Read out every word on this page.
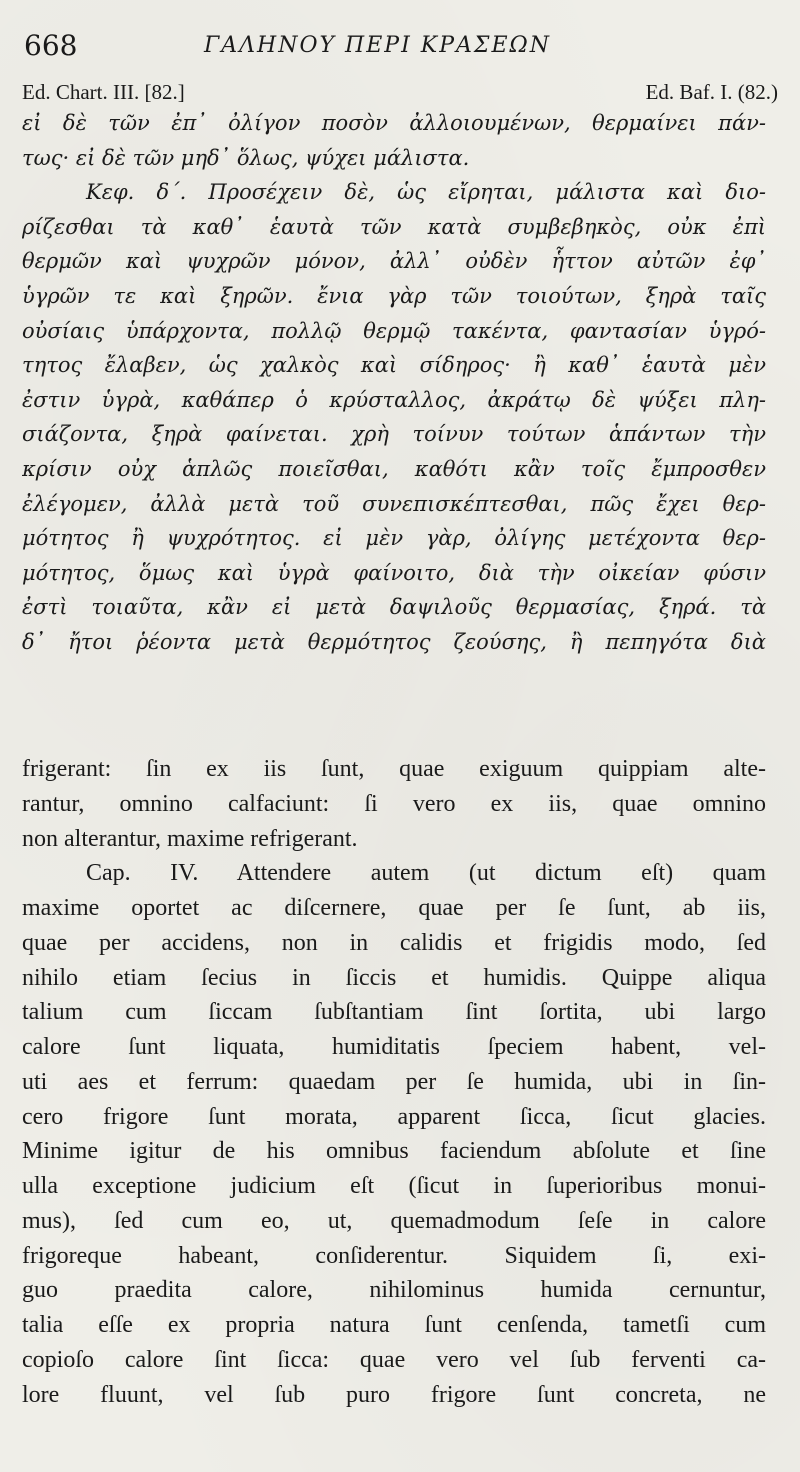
668	ΓΑΛΗΝΟΥ ΠΕΡΙ ΚΡΑΣΕΩΝ
Ed. Chart. III. [82.]	Ed. Baf. I. (82.)
εἰ δὲ τῶν ἐπ᾽ ὀλίγον ποσὸν ἀλλοιουμένων, θερμαίνει πάν-
τως· εἰ δὲ τῶν μηδ᾽ ὅλως, ψύχει μάλιστα.
Κεφ. δ΄. Προσέχειν δὲ, ὡς εἴρηται, μάλιστα καὶ διο-
ρίζεσθαι τὰ καθ᾽ ἑαυτὰ τῶν κατὰ συμβεβηκὸς, οὐκ ἐπὶ
θερμῶν καὶ ψυχρῶν μόνον, ἀλλ᾽ οὐδὲν ἧττον αὐτῶν ἐφ᾽
ὑγρῶν τε καὶ ξηρῶν. ἔνια γὰρ τῶν τοιούτων, ξηρὰ ταῖς
οὐσίαις ὑπάρχοντα, πολλῷ θερμῷ τακέντα, φαντασίαν ὑγρό-
τητος ἔλαβεν, ὡς χαλκὸς καὶ σίδηρος· ἢ καθ᾽ ἑαυτὰ μὲν
ἐστιν ὑγρὰ, καθάπερ ὁ κρύσταλλος, ἀκράτῳ δὲ ψύξει πλη-
σιάζοντα, ξηρὰ φαίνεται. χρὴ τοίνυν τούτων ἁπάντων τὴν
κρίσιν οὐχ ἁπλῶς ποιεῖσθαι, καθότι κἂν τοῖς ἔμπροσθεν
ἐλέγομεν, ἀλλὰ μετὰ τοῦ συνεπισκέπτεσθαι, πῶς ἔχει θερ-
μότητος ἢ ψυχρότητος. εἰ μὲν γὰρ, ὀλίγης μετέχοντα θερ-
μότητος, ὅμως καὶ ὑγρὰ φαίνοιτο, διὰ τὴν οἰκείαν φύσιν
ἐστὶ τοιαῦτα, κἂν εἰ μετὰ δαψιλοῦς θερμασίας, ξηρά. τὰ
δ᾽ ἤτοι ῥέοντα μετὰ θερμότητος ζεούσης, ἢ πεπηγότα διὰ
frigerant: ſin ex iis ſunt, quae exiguum quippiam alte-
rantur, omnino calfaciunt: ſi vero ex iis, quae omnino
non alterantur, maxime refrigerant.
Cap. IV. Attendere autem (ut dictum eſt) quam
maxime oportet ac diſcernere, quae per ſe ſunt, ab iis,
quae per accidens, non in calidis et frigidis modo, ſed
nihilo etiam ſecius in ſiccis et humidis. Quippe aliqua
talium cum ſiccam ſubſtantiam ſint ſortita, ubi largo
calore ſunt liquata, humiditatis ſpeciem habent, vel-
uti aes et ferrum: quaedam per ſe humida, ubi in ſin-
cero frigore ſunt morata, apparent ſicca, ſicut glacies.
Minime igitur de his omnibus faciendum abſolute et ſine
ulla exceptione judicium eſt (ſicut in ſuperioribus monui-
mus), ſed cum eo, ut, quemadmodum ſeſe in calore
frigoreque habeant, conſiderentur. Siquidem ſi, exi-
guo praedita calore, nihilominus humida cernuntur,
talia eſſe ex propria natura ſunt cenſenda, tametſi cum
copioſo calore ſint ſicca: quae vero vel ſub ferventi ca-
lore fluunt, vel ſub puro frigore ſunt concreta, ne
